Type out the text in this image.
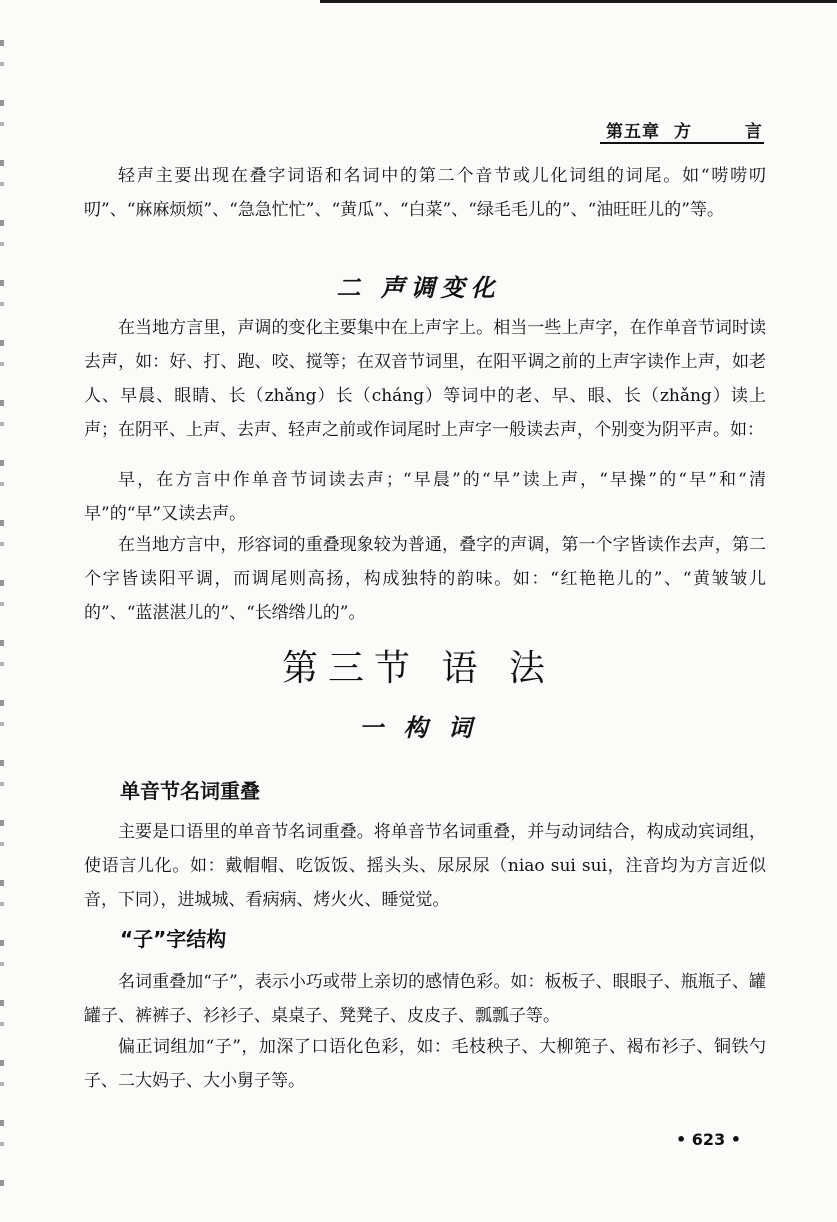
第五章 方 言

轻声主要出现在叠字词语和名词中的第二个音节或儿化词组的词尾。如“唠唠叨叨”、“麻麻烦烦”、“急急忙忙”、“黄瓜”、“白菜”、“绿毛毛儿的”、“油旺旺儿的”等。

二 声调变化

在当地方言里，声调的变化主要集中在上声字上。相当一些上声字，在作单音节词时读去声，如：好、打、跑、咬、搅等；在双音节词里，在阳平调之前的上声字读作上声，如老人、早晨、眼睛、长（zhǎng）长（cháng）等词中的老、早、眼、长（zhǎng）读上声；在阴平、上声、去声、轻声之前或作词尾时上声字一般读去声，个别变为阴平声。如：

早，在方言中作单音节词读去声；“早晨”的“早”读上声，“早操”的“早”和“清早”的“早”又读去声。

在当地方言中，形容词的重叠现象较为普通，叠字的声调，第一个字皆读作去声，第二个字皆读阳平调，而调尾则高扬，构成独特的韵味。如：“红艳艳儿的”、“黄皱皱儿的”、“蓝湛湛儿的”、“长绺绺儿的”。

第三节 语 法
一 构 词
单音节名词重叠

主要是口语里的单音节名词重叠。将单音节名词重叠，并与动词结合，构成动宾词组，使语言儿化。如：戴帽帽、吃饭饭、摇头头、尿尿尿（niao sui sui，注音均为方言近似音，下同），进城城、看病病、烤火火、睡觉觉。

“子”字结构

名词重叠加“子”，表示小巧或带上亲切的感情色彩。如：板板子、眼眼子、瓶瓶子、罐罐子、裤裤子、衫衫子、桌桌子、凳凳子、皮皮子、瓢瓢子等。

偏正词组加“子”，加深了口语化色彩，如：毛枝秧子、大柳篼子、褐布衫子、铜铁勺子、二大妈子、大小舅子等。

• 623 •
